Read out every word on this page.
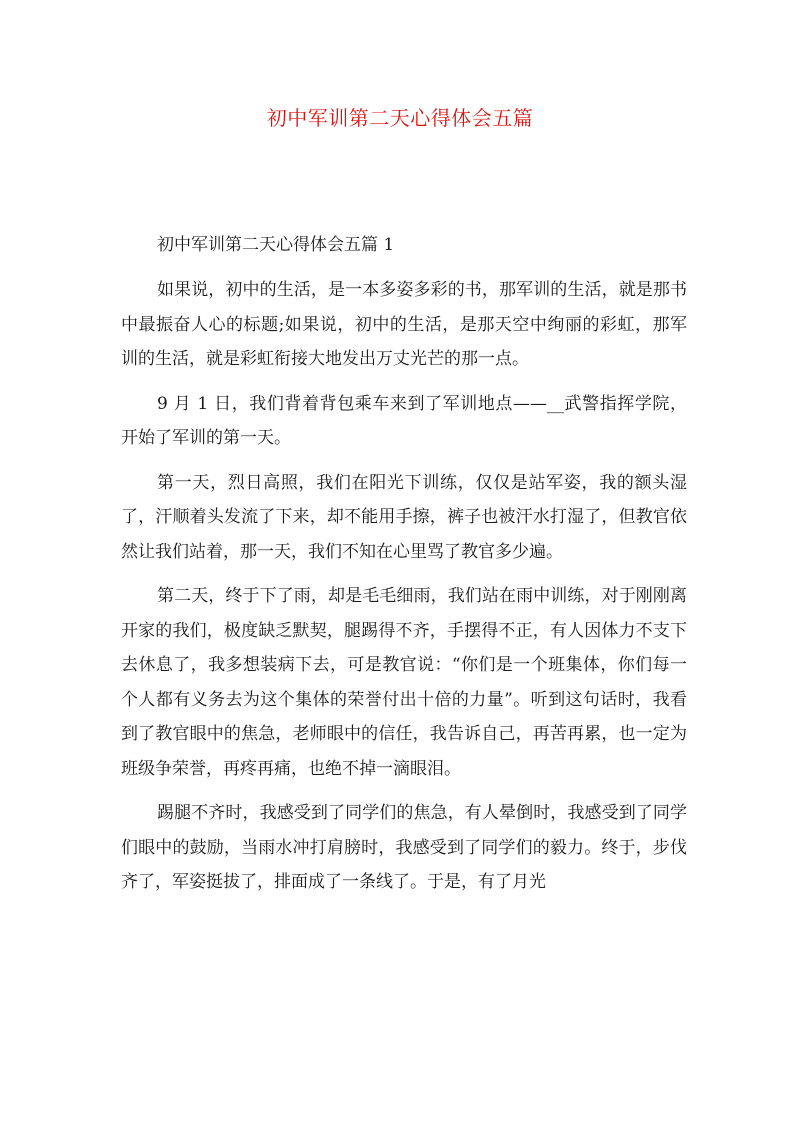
初中军训第二天心得体会五篇

初中军训第二天心得体会五篇 1

如果说，初中的生活，是一本多姿多彩的书，那军训的生活，就是那书中最振奋人心的标题;如果说，初中的生活，是那天空中绚丽的彩虹，那军训的生活，就是彩虹衔接大地发出万丈光芒的那一点。

9 月 1 日，我们背着背包乘车来到了军训地点——__武警指挥学院，开始了军训的第一天。

第一天，烈日高照，我们在阳光下训练，仅仅是站军姿，我的额头湿了，汗顺着头发流了下来，却不能用手擦，裤子也被汗水打湿了，但教官依然让我们站着，那一天，我们不知在心里骂了教官多少遍。

第二天，终于下了雨，却是毛毛细雨，我们站在雨中训练，对于刚刚离开家的我们，极度缺乏默契，腿踢得不齐，手摆得不正，有人因体力不支下去休息了，我多想装病下去，可是教官说：“你们是一个班集体，你们每一个人都有义务去为这个集体的荣誉付出十倍的力量”。听到这句话时，我看到了教官眼中的焦急，老师眼中的信任，我告诉自己，再苦再累，也一定为班级争荣誉，再疼再痛，也绝不掉一滴眼泪。

踢腿不齐时，我感受到了同学们的焦急，有人晕倒时，我感受到了同学们眼中的鼓励，当雨水冲打肩膀时，我感受到了同学们的毅力。终于，步伐齐了，军姿挺拔了，排面成了一条线了。于是，有了月光
